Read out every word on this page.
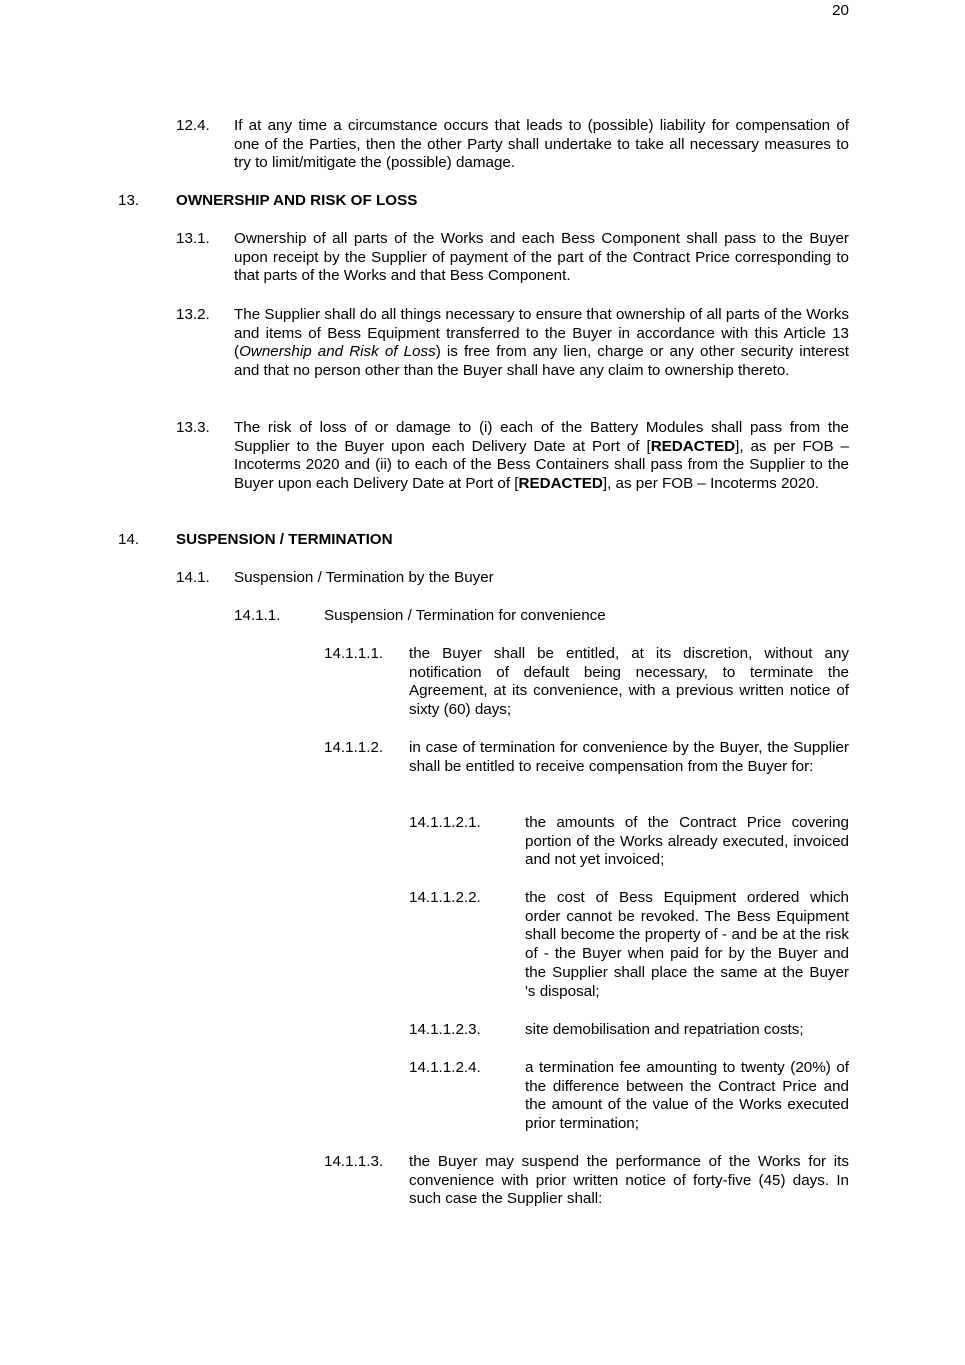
20
12.4. If at any time a circumstance occurs that leads to (possible) liability for compensation of one of the Parties, then the other Party shall undertake to take all necessary measures to try to limit/mitigate the (possible) damage.
13. OWNERSHIP AND RISK OF LOSS
13.1. Ownership of all parts of the Works and each Bess Component shall pass to the Buyer upon receipt by the Supplier of payment of the part of the Contract Price corresponding to that parts of the Works and that Bess Component.
13.2. The Supplier shall do all things necessary to ensure that ownership of all parts of the Works and items of Bess Equipment transferred to the Buyer in accordance with this Article 13 (Ownership and Risk of Loss) is free from any lien, charge or any other security interest and that no person other than the Buyer shall have any claim to ownership thereto.
13.3. The risk of loss of or damage to (i) each of the Battery Modules shall pass from the Supplier to the Buyer upon each Delivery Date at Port of [REDACTED], as per FOB – Incoterms 2020 and (ii) to each of the Bess Containers shall pass from the Supplier to the Buyer upon each Delivery Date at Port of [REDACTED], as per FOB – Incoterms 2020.
14. SUSPENSION / TERMINATION
14.1. Suspension / Termination by the Buyer
14.1.1.	Suspension / Termination for convenience
14.1.1.1. the Buyer shall be entitled, at its discretion, without any notification of default being necessary, to terminate the Agreement, at its convenience, with a previous written notice of sixty (60) days;
14.1.1.2. in case of termination for convenience by the Buyer, the Supplier shall be entitled to receive compensation from the Buyer for:
14.1.1.2.1.	the amounts of the Contract Price covering portion of the Works already executed, invoiced and not yet invoiced;
14.1.1.2.2.	the cost of Bess Equipment ordered which order cannot be revoked. The Bess Equipment shall become the property of - and be at the risk of - the Buyer when paid for by the Buyer and the Supplier shall place the same at the Buyer 's disposal;
14.1.1.2.3.	site demobilisation and repatriation costs;
14.1.1.2.4.	a termination fee amounting to twenty (20%) of the difference between the Contract Price and the amount of the value of the Works executed prior termination;
14.1.1.3. the Buyer may suspend the performance of the Works for its convenience with prior written notice of forty-five (45) days. In such case the Supplier shall:
